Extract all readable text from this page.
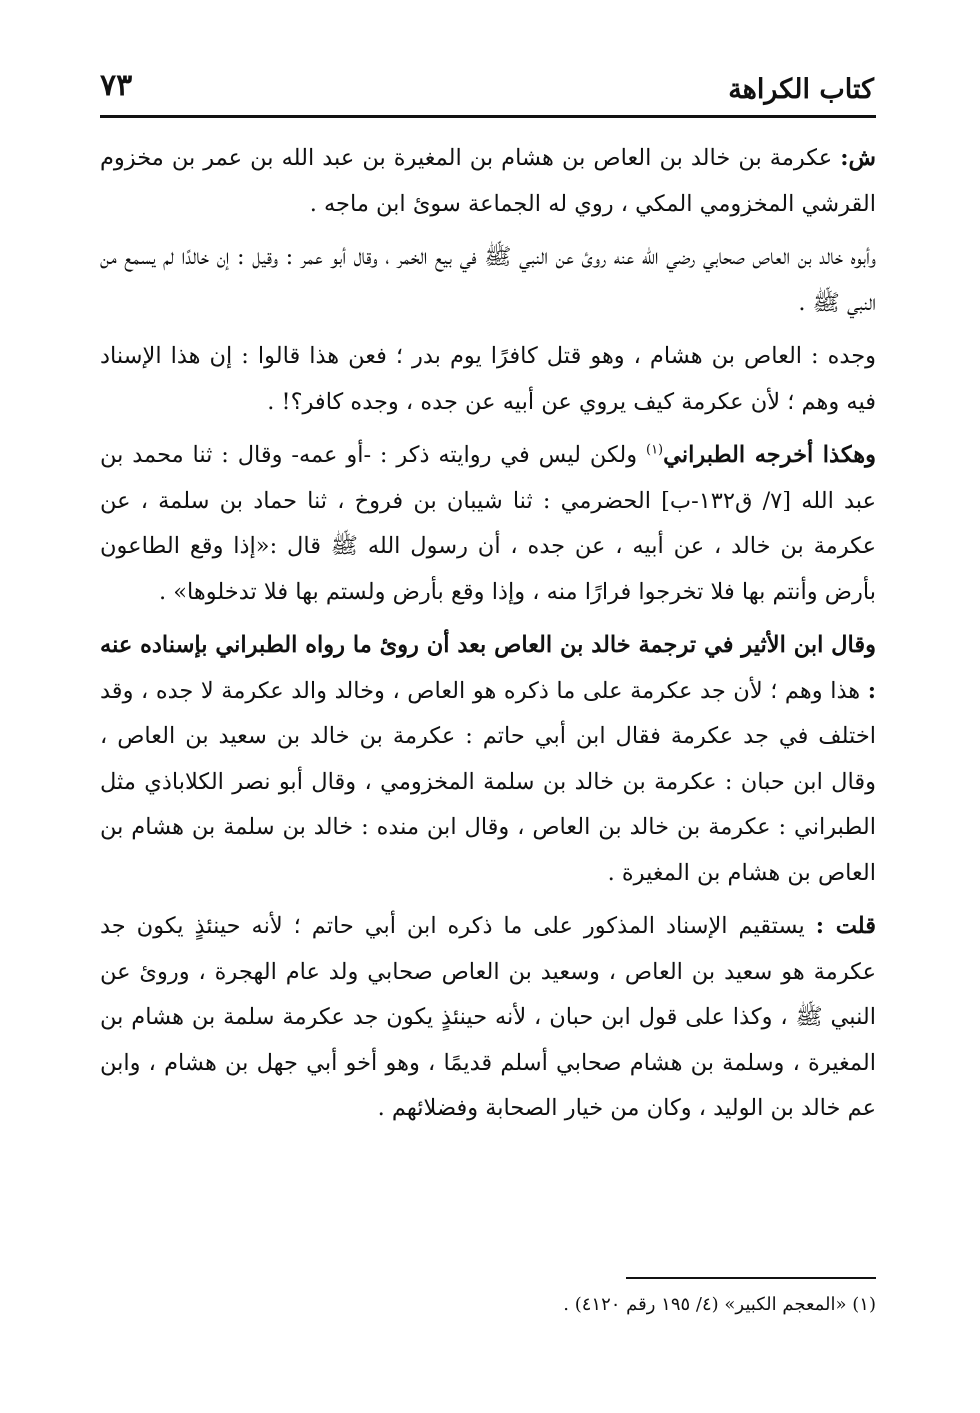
كتاب الكراهة
٧٣

ش: عكرمة بن خالد بن العاص بن هشام بن المغيرة بن عبد الله بن عمر بن مخزوم القرشي المخزومي المكي ، روي له الجماعة سوئ ابن ماجه .

وأبوه خالد بن العاص صحابي رضي الله عنه روئ عن النبي ﷺ في بيع الخمر ، وقال أبو عمر : وقيل : إن خالدًا لم يسمع من النبي ﷺ .

وجده : العاص بن هشام ، وهو قتل كافرًا يوم بدر ؛ فعن هذا قالوا : إن هذا الإسناد فيه وهم ؛ لأن عكرمة كيف يروي عن أبيه عن جده ، وجده كافر؟! .

وهكذا أخرجه الطبراني$^{(١)}$ ولكن ليس في روايته ذكر : -أو عمه- وقال : ثنا محمد بن عبد الله [٧/ ق١٣٢-ب] الحضرمي : ثنا شيبان بن فروخ ، ثنا حماد بن سلمة ، عن عكرمة بن خالد ، عن أبيه ، عن جده ، أن رسول الله ﷺ قال :«إذا وقع الطاعون بأرض وأنتم بها فلا تخرجوا فرارًا منه ، وإذا وقع بأرض ولستم بها فلا تدخلوها» .

وقال ابن الأثير في ترجمة خالد بن العاص بعد أن روئ ما رواه الطبراني بإسناده عنه : هذا وهم ؛ لأن جد عكرمة على ما ذكره هو العاص ، وخالد والد عكرمة لا جده ، وقد اختلف في جد عكرمة فقال ابن أبي حاتم : عكرمة بن خالد بن سعيد بن العاص ، وقال ابن حبان : عكرمة بن خالد بن سلمة المخزومي ، وقال أبو نصر الكلاباذي مثل الطبراني : عكرمة بن خالد بن العاص ، وقال ابن منده : خالد بن سلمة بن هشام بن العاص بن هشام بن المغيرة .

قلت : يستقيم الإسناد المذكور على ما ذكره ابن أبي حاتم ؛ لأنه حينئذٍ يكون جد عكرمة هو سعيد بن العاص ، وسعيد بن العاص صحابي ولد عام الهجرة ، وروئ عن النبي ﷺ ، وكذا على قول ابن حبان ، لأنه حينئذٍ يكون جد عكرمة سلمة بن هشام بن المغيرة ، وسلمة بن هشام صحابي أسلم قديمًا ، وهو أخو أبي جهل بن هشام ، وابن عم خالد بن الوليد ، وكان من خيار الصحابة وفضلائهم .

(١) «المعجم الكبير» (٤/ ١٩٥ رقم ٤١٢٠) .
